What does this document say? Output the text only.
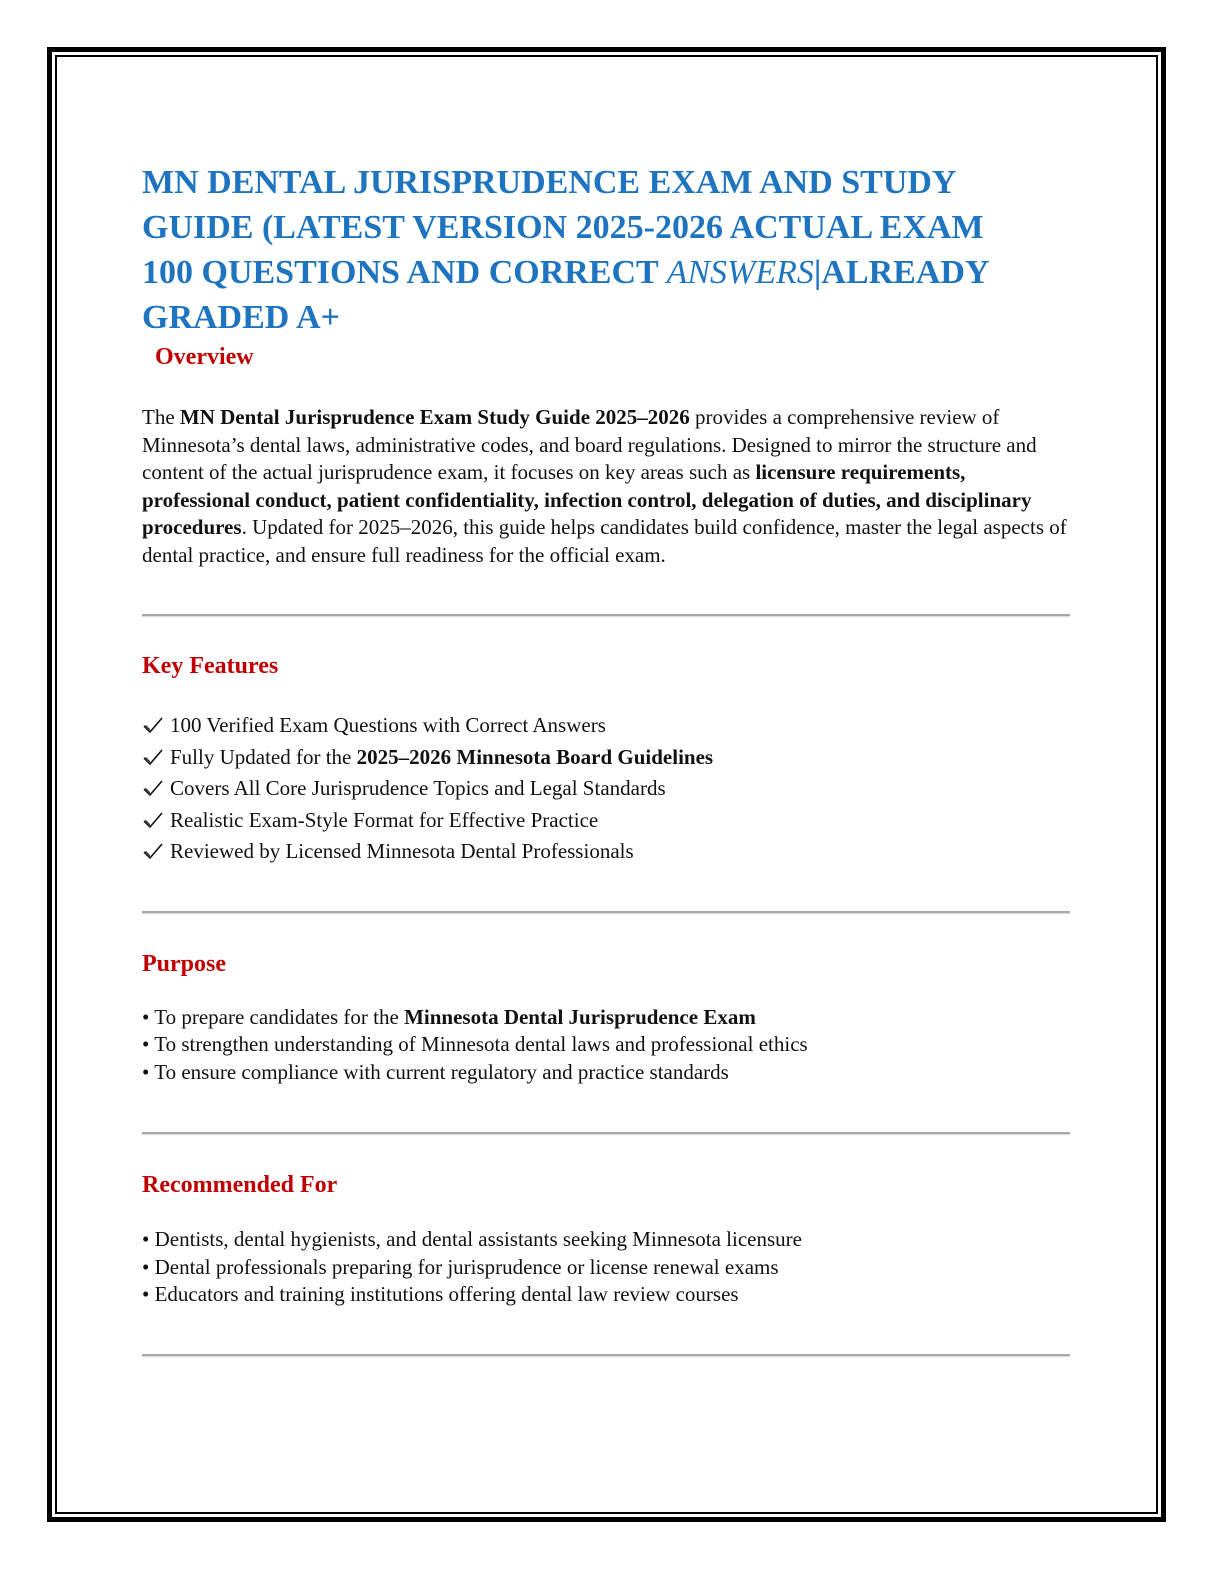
MN DENTAL JURISPRUDENCE EXAM AND STUDY
GUIDE (LATEST VERSION 2025-2026 ACTUAL EXAM
100 QUESTIONS AND CORRECT ANSWERS|ALREADY
GRADED A+
Overview

The MN Dental Jurisprudence Exam Study Guide 2025–2026 provides a comprehensive review of Minnesota’s dental laws, administrative codes, and board regulations. Designed to mirror the structure and content of the actual jurisprudence exam, it focuses on key areas such as licensure requirements, professional conduct, patient confidentiality, infection control, delegation of duties, and disciplinary procedures. Updated for 2025–2026, this guide helps candidates build confidence, master the legal aspects of dental practice, and ensure full readiness for the official exam.

Key Features
100 Verified Exam Questions with Correct Answers
Fully Updated for the 2025–2026 Minnesota Board Guidelines
Covers All Core Jurisprudence Topics and Legal Standards
Realistic Exam-Style Format for Effective Practice
Reviewed by Licensed Minnesota Dental Professionals
Purpose
• To prepare candidates for the Minnesota Dental Jurisprudence Exam
• To strengthen understanding of Minnesota dental laws and professional ethics
• To ensure compliance with current regulatory and practice standards
Recommended For
• Dentists, dental hygienists, and dental assistants seeking Minnesota licensure
• Dental professionals preparing for jurisprudence or license renewal exams
• Educators and training institutions offering dental law review courses
